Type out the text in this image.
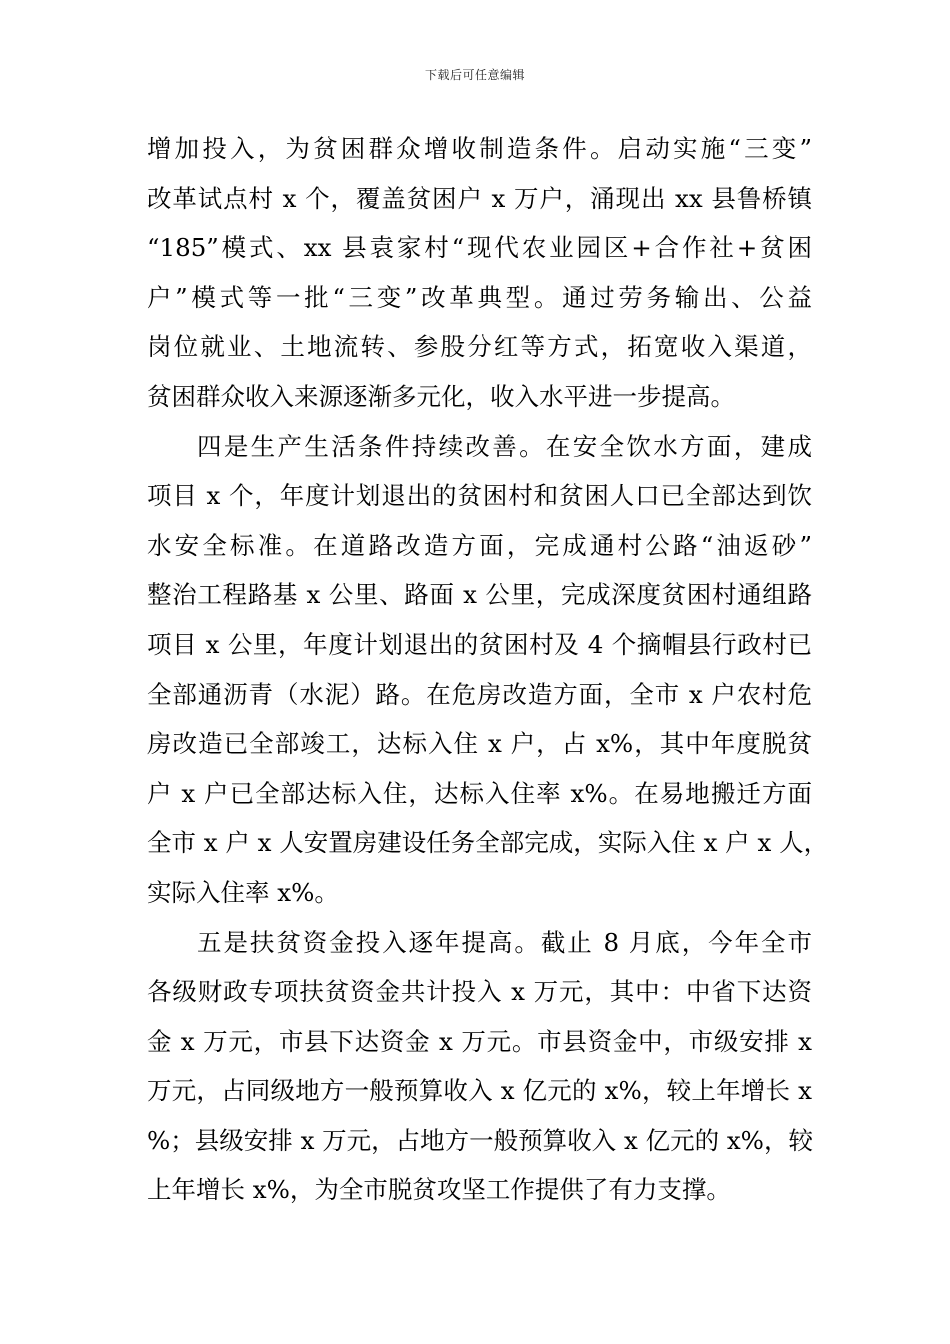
下载后可任意编辑
增加投入，为贫困群众增收制造条件。启动实施“三变”
改革试点村 x 个，覆盖贫困户 x 万户，涌现出 xx 县鲁桥镇
“185”模式、xx 县袁家村“现代农业园区+合作社+贫困
户”模式等一批“三变”改革典型。通过劳务输出、公益
岗位就业、土地流转、参股分红等方式，拓宽收入渠道，
贫困群众收入来源逐渐多元化，收入水平进一步提高。
四是生产生活条件持续改善。在安全饮水方面，建成
项目 x 个，年度计划退出的贫困村和贫困人口已全部达到饮
水安全标准。在道路改造方面，完成通村公路“油返砂”
整治工程路基 x 公里、路面 x 公里，完成深度贫困村通组路
项目 x 公里，年度计划退出的贫困村及 4 个摘帽县行政村已
全部通沥青（水泥）路。在危房改造方面，全市 x 户农村危
房改造已全部竣工，达标入住 x 户，占 x%，其中年度脱贫
户 x 户已全部达标入住，达标入住率 x%。在易地搬迁方面
全市 x 户 x 人安置房建设任务全部完成，实际入住 x 户 x 人，
实际入住率 x%。
五是扶贫资金投入逐年提高。截止 8 月底，今年全市
各级财政专项扶贫资金共计投入 x 万元，其中：中省下达资
金 x 万元，市县下达资金 x 万元。市县资金中，市级安排 x
万元，占同级地方一般预算收入 x 亿元的 x%，较上年增长 x
%；县级安排 x 万元，占地方一般预算收入 x 亿元的 x%，较
上年增长 x%，为全市脱贫攻坚工作提供了有力支撑。
